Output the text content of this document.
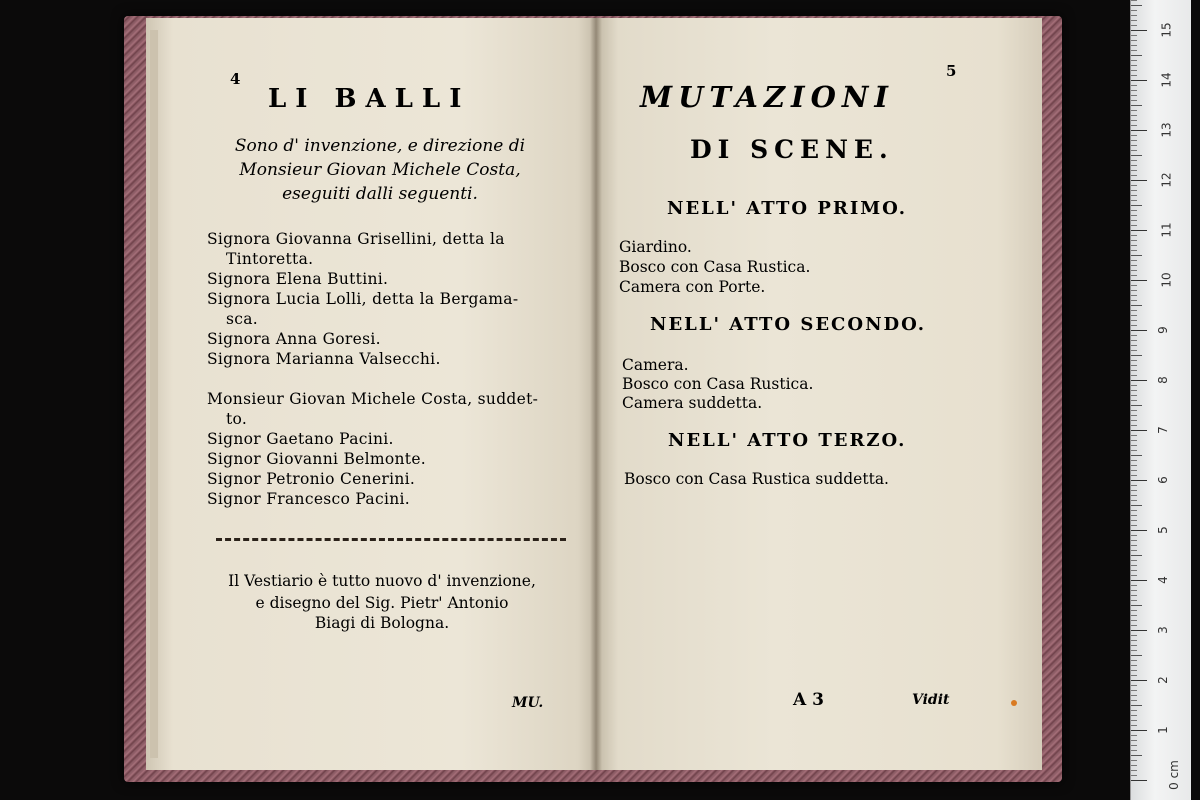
4
LI BALLI
Sono d' invenzione, e direzione di
Monsieur Giovan Michele Costa,
eseguiti dalli seguenti.
Signora Giovanna Grisellini, detta la
Tintoretta.
Signora Elena Buttini.
Signora Lucia Lolli, detta la Bergama-
sca.
Signora Anna Goresi.
Signora Marianna Valsecchi.
Monsieur Giovan Michele Costa, suddet-
to.
Signor Gaetano Pacini.
Signor Giovanni Belmonte.
Signor Petronio Cenerini.
Signor Francesco Pacini.
Il Vestiario è tutto nuovo d' invenzione,
e disegno del Sig. Pietr' Antonio
Biagi di Bologna.
MU.
5
MUTAZIONI
DI SCENE.
NELL' ATTO PRIMO.
Giardino.
Bosco con Casa Rustica.
Camera con Porte.
NELL' ATTO SECONDO.
Camera.
Bosco con Casa Rustica.
Camera suddetta.
NELL' ATTO TERZO.
Bosco con Casa Rustica suddetta.
A 3	Vidit
0 cm
1
2
3
4
5
6
7
8
9
10
11
12
13
14
15
